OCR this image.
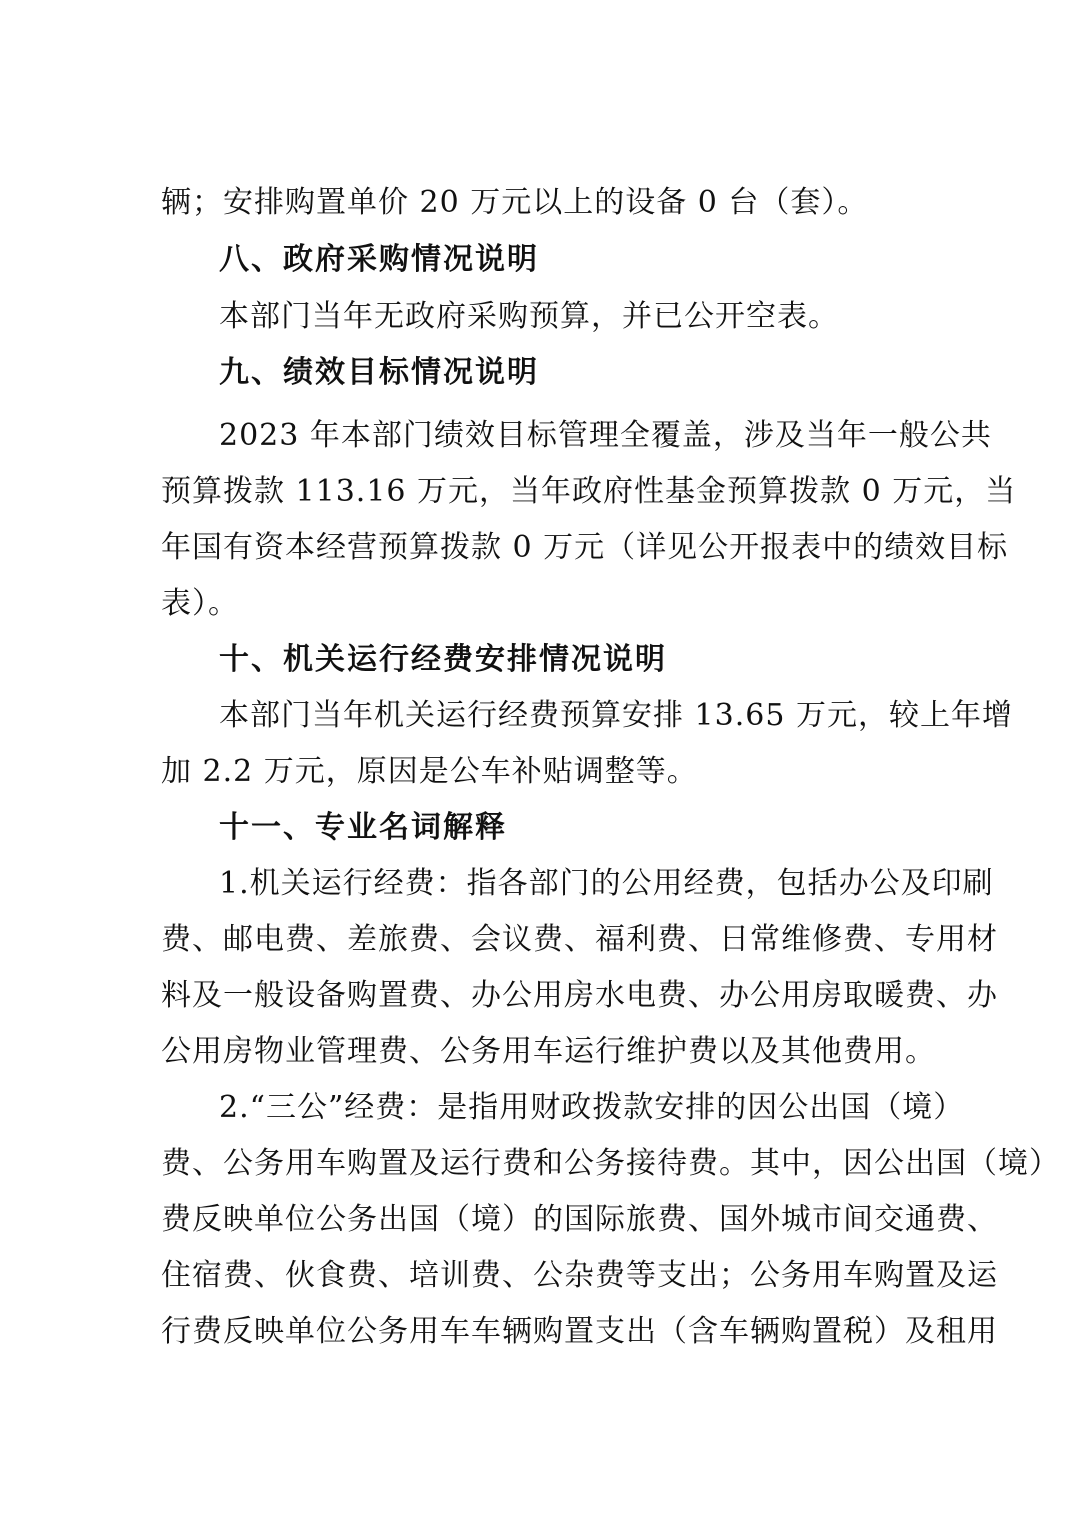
辆；安排购置单价 20 万元以上的设备 0 台（套）。
八、政府采购情况说明
本部门当年无政府采购预算，并已公开空表。
九、绩效目标情况说明
2023 年本部门绩效目标管理全覆盖，涉及当年一般公共
预算拨款 113.16 万元，当年政府性基金预算拨款 0 万元，当
年国有资本经营预算拨款 0 万元（详见公开报表中的绩效目标
表）。
十、机关运行经费安排情况说明
本部门当年机关运行经费预算安排 13.65 万元，较上年增
加 2.2 万元，原因是公车补贴调整等。
十一、专业名词解释
1.机关运行经费：指各部门的公用经费，包括办公及印刷
费、邮电费、差旅费、会议费、福利费、日常维修费、专用材
料及一般设备购置费、办公用房水电费、办公用房取暖费、办
公用房物业管理费、公务用车运行维护费以及其他费用。
2.“三公”经费：是指用财政拨款安排的因公出国（境）
费、公务用车购置及运行费和公务接待费。其中，因公出国（境）
费反映单位公务出国（境）的国际旅费、国外城市间交通费、
住宿费、伙食费、培训费、公杂费等支出；公务用车购置及运
行费反映单位公务用车车辆购置支出（含车辆购置税）及租用
